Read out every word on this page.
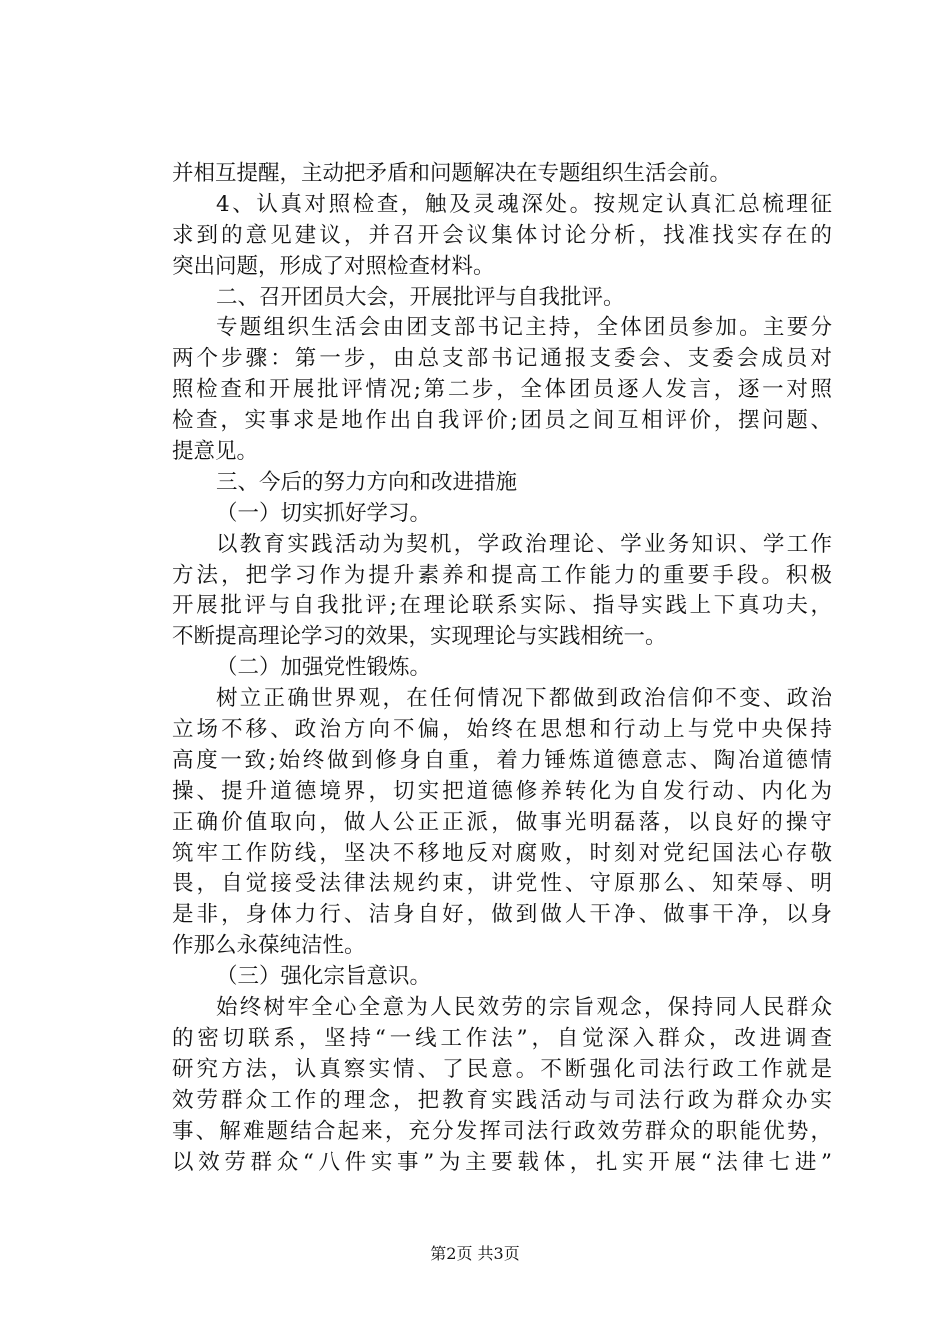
并相互提醒，主动把矛盾和问题解决在专题组织生活会前。
4、认真对照检查，触及灵魂深处。按规定认真汇总梳理征
求到的意见建议，并召开会议集体讨论分析，找准找实存在的
突出问题，形成了对照检查材料。
二、召开团员大会，开展批评与自我批评。
专题组织生活会由团支部书记主持，全体团员参加。主要分
两个步骤：第一步，由总支部书记通报支委会、支委会成员对
照检查和开展批评情况;第二步，全体团员逐人发言，逐一对照
检查，实事求是地作出自我评价;团员之间互相评价，摆问题、
提意见。
三、今后的努力方向和改进措施
（一）切实抓好学习。
以教育实践活动为契机，学政治理论、学业务知识、学工作
方法，把学习作为提升素养和提高工作能力的重要手段。积极
开展批评与自我批评;在理论联系实际、指导实践上下真功夫，
不断提高理论学习的效果，实现理论与实践相统一。
（二）加强党性锻炼。
树立正确世界观，在任何情况下都做到政治信仰不变、政治
立场不移、政治方向不偏，始终在思想和行动上与党中央保持
高度一致;始终做到修身自重，着力锤炼道德意志、陶冶道德情
操、提升道德境界，切实把道德修养转化为自发行动、内化为
正确价值取向，做人公正正派，做事光明磊落，以良好的操守
筑牢工作防线，坚决不移地反对腐败，时刻对党纪国法心存敬
畏，自觉接受法律法规约束，讲党性、守原那么、知荣辱、明
是非，身体力行、洁身自好，做到做人干净、做事干净，以身
作那么永葆纯洁性。
（三）强化宗旨意识。
始终树牢全心全意为人民效劳的宗旨观念，保持同人民群众
的密切联系，坚持“一线工作法”，自觉深入群众，改进调查
研究方法，认真察实情、了民意。不断强化司法行政工作就是
效劳群众工作的理念，把教育实践活动与司法行政为群众办实
事、解难题结合起来，充分发挥司法行政效劳群众的职能优势，
以效劳群众“八件实事”为主要载体，扎实开展“法律七进”
第2页 共3页
